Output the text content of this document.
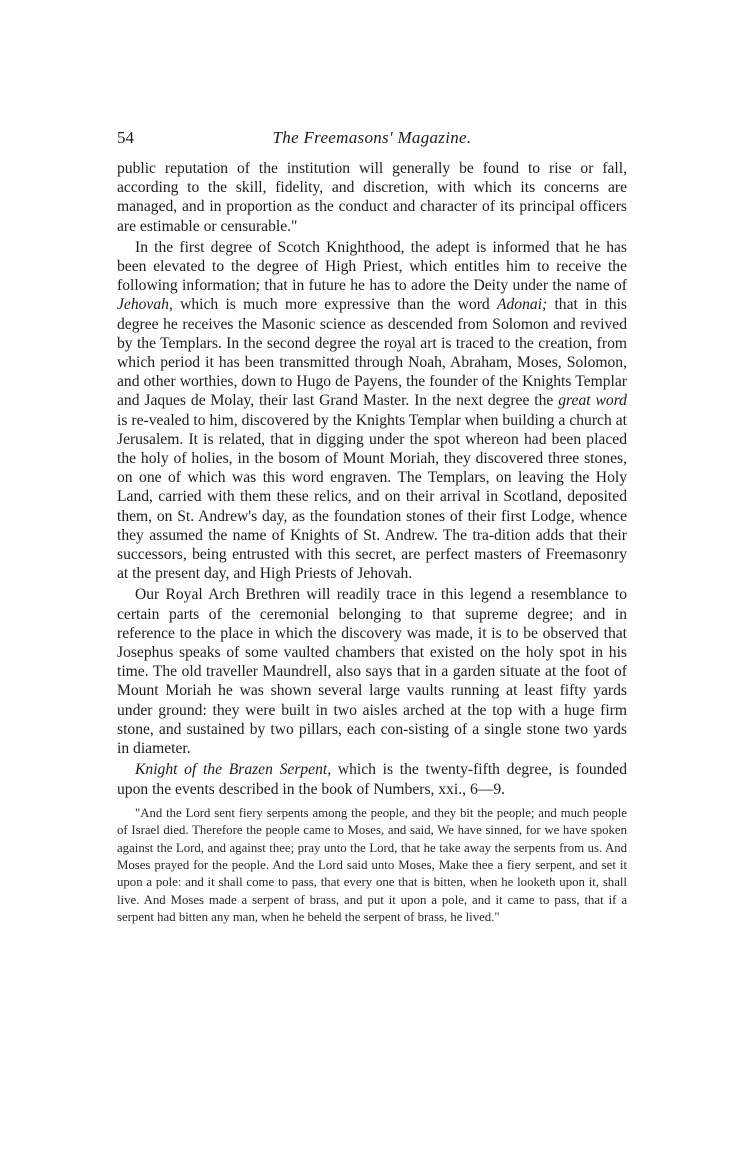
54	The Freemasons' Magazine.

public reputation of the institution will generally be found to rise or fall, according to the skill, fidelity, and discretion, with which its concerns are managed, and in proportion as the conduct and character of its principal officers are estimable or censurable."

In the first degree of Scotch Knighthood, the adept is informed that he has been elevated to the degree of High Priest, which entitles him to receive the following information; that in future he has to adore the Deity under the name of Jehovah, which is much more expressive than the word Adonai; that in this degree he receives the Masonic science as descended from Solomon and revived by the Templars. In the second degree the royal art is traced to the creation, from which period it has been transmitted through Noah, Abraham, Moses, Solomon, and other worthies, down to Hugo de Payens, the founder of the Knights Templar and Jaques de Molay, their last Grand Master. In the next degree the great word is re-vealed to him, discovered by the Knights Templar when building a church at Jerusalem. It is related, that in digging under the spot whereon had been placed the holy of holies, in the bosom of Mount Moriah, they discovered three stones, on one of which was this word engraven. The Templars, on leaving the Holy Land, carried with them these relics, and on their arrival in Scotland, deposited them, on St. Andrew's day, as the foundation stones of their first Lodge, whence they assumed the name of Knights of St. Andrew. The tra-dition adds that their successors, being entrusted with this secret, are perfect masters of Freemasonry at the present day, and High Priests of Jehovah.

Our Royal Arch Brethren will readily trace in this legend a resemblance to certain parts of the ceremonial belonging to that supreme degree; and in reference to the place in which the discovery was made, it is to be observed that Josephus speaks of some vaulted chambers that existed on the holy spot in his time. The old traveller Maundrell, also says that in a garden situate at the foot of Mount Moriah he was shown several large vaults running at least fifty yards under ground: they were built in two aisles arched at the top with a huge firm stone, and sustained by two pillars, each con-sisting of a single stone two yards in diameter.

Knight of the Brazen Serpent, which is the twenty-fifth degree, is founded upon the events described in the book of Numbers, xxi., 6—9.

"And the Lord sent fiery serpents among the people, and they bit the people; and much people of Israel died. Therefore the people came to Moses, and said, We have sinned, for we have spoken against the Lord, and against thee; pray unto the Lord, that he take away the serpents from us. And Moses prayed for the people. And the Lord said unto Moses, Make thee a fiery serpent, and set it upon a pole: and it shall come to pass, that every one that is bitten, when he looketh upon it, shall live. And Moses made a serpent of brass, and put it upon a pole, and it came to pass, that if a serpent had bitten any man, when he beheld the serpent of brass, he lived."
